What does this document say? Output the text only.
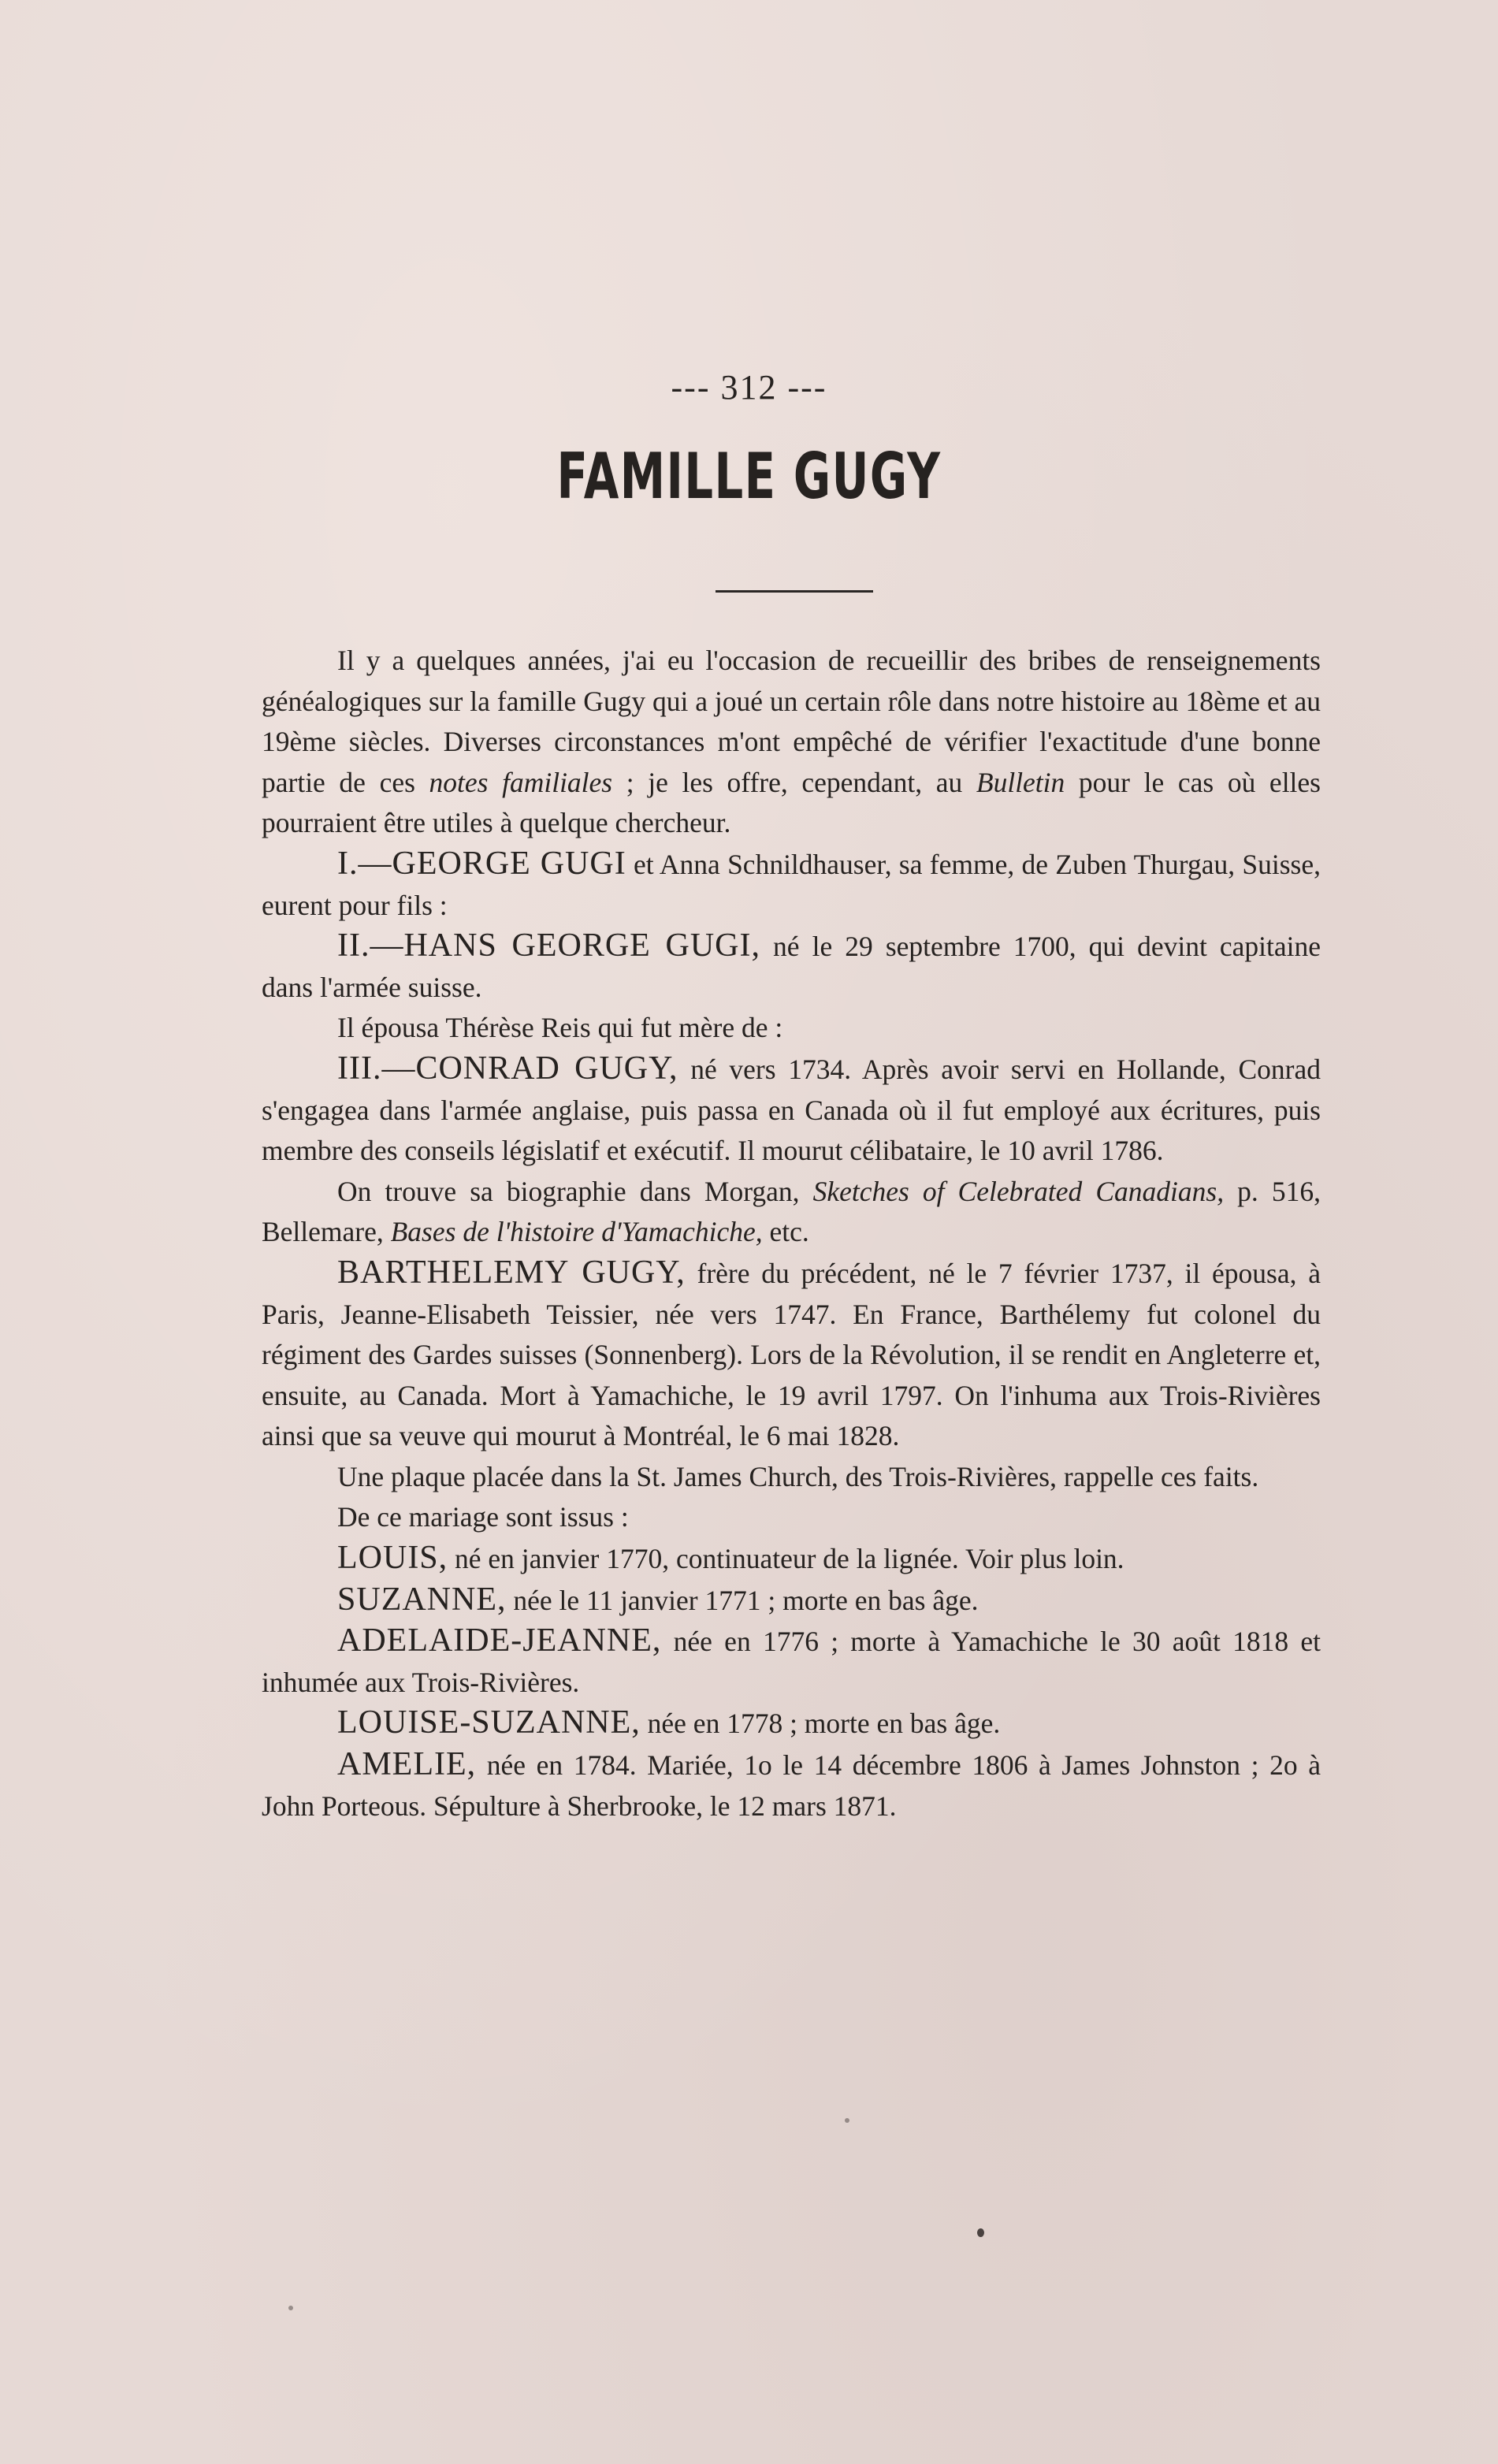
--- 312 ---
FAMILLE GUGY

Il y a quelques années, j'ai eu l'occasion de recueillir des bribes de renseignements généalogiques sur la famille Gugy qui a joué un certain rôle dans notre histoire au 18ème et au 19ème siècles. Diverses circonstances m'ont empêché de vérifier l'exactitude d'une bonne partie de ces notes familiales ; je les offre, cependant, au Bulletin pour le cas où elles pourraient être utiles à quelque chercheur.

I.—GEORGE GUGI et Anna Schnildhauser, sa femme, de Zuben Thurgau, Suisse, eurent pour fils :

II.—HANS GEORGE GUGI, né le 29 septembre 1700, qui devint capitaine dans l'armée suisse.

Il épousa Thérèse Reis qui fut mère de :

III.—CONRAD GUGY, né vers 1734. Après avoir servi en Hollande, Conrad s'engagea dans l'armée anglaise, puis passa en Canada où il fut employé aux écritures, puis membre des conseils législatif et exécutif. Il mourut célibataire, le 10 avril 1786.

On trouve sa biographie dans Morgan, Sketches of Celebrated Canadians, p. 516, Bellemare, Bases de l'histoire d'Yamachiche, etc.

BARTHELEMY GUGY, frère du précédent, né le 7 février 1737, il épousa, à Paris, Jeanne-Elisabeth Teissier, née vers 1747. En France, Barthélemy fut colonel du régiment des Gardes suisses (Sonnenberg). Lors de la Révolution, il se rendit en Angleterre et, ensuite, au Canada. Mort à Yamachiche, le 19 avril 1797. On l'inhuma aux Trois-Rivières ainsi que sa veuve qui mourut à Montréal, le 6 mai 1828.

Une plaque placée dans la St. James Church, des Trois-Rivières, rappelle ces faits.

De ce mariage sont issus :

LOUIS, né en janvier 1770, continuateur de la lignée. Voir plus loin.

SUZANNE, née le 11 janvier 1771 ; morte en bas âge.

ADELAIDE-JEANNE, née en 1776 ; morte à Yamachiche le 30 août 1818 et inhumée aux Trois-Rivières.

LOUISE-SUZANNE, née en 1778 ; morte en bas âge.

AMELIE, née en 1784. Mariée, 1o le 14 décembre 1806 à James Johnston ; 2o à John Porteous. Sépulture à Sherbrooke, le 12 mars 1871.
